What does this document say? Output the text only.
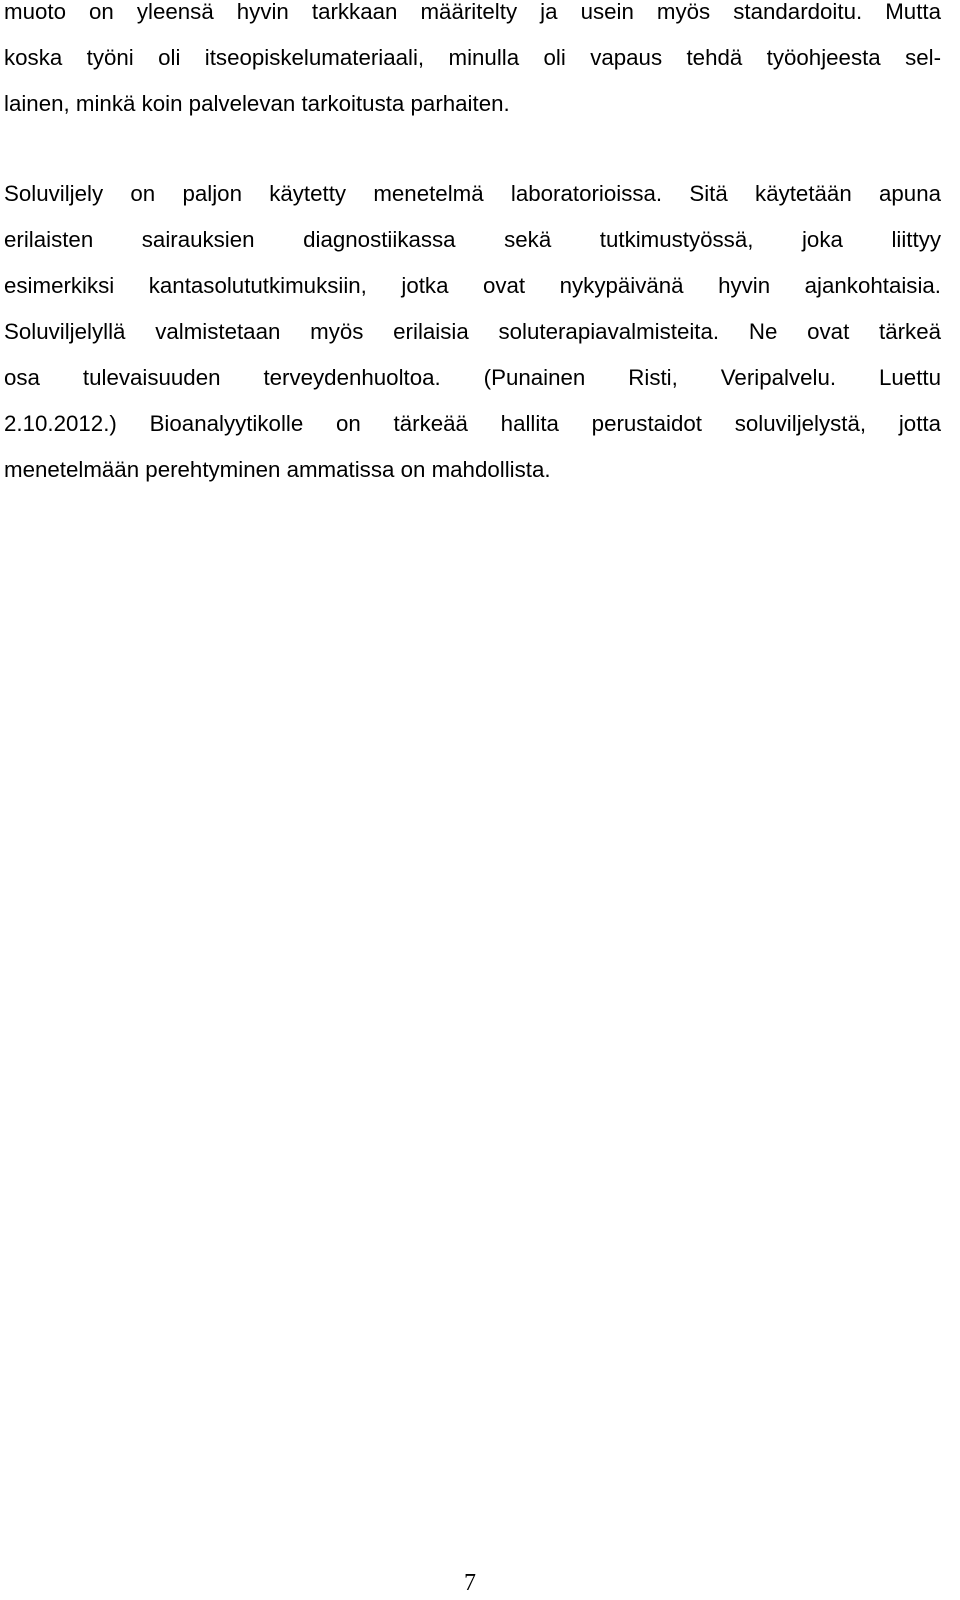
muoto on yleensä hyvin tarkkaan määritelty ja usein myös standardoitu. Mutta
koska työni oli itseopiskelumateriaali, minulla oli vapaus tehdä työohjeesta sel-
lainen, minkä koin palvelevan tarkoitusta parhaiten.
Soluviljely on paljon käytetty menetelmä laboratorioissa. Sitä käytetään apuna
erilaisten sairauksien diagnostiikassa sekä tutkimustyössä, joka liittyy
esimerkiksi kantasolututkimuksiin, jotka ovat nykypäivänä hyvin ajankohtaisia.
Soluviljelyllä valmistetaan myös erilaisia soluterapiavalmisteita. Ne ovat tärkeä
osa tulevaisuuden terveydenhuoltoa. (Punainen Risti, Veripalvelu. Luettu
2.10.2012.) Bioanalyytikolle on tärkeää hallita perustaidot soluviljelystä, jotta
menetelmään perehtyminen ammatissa on mahdollista.
7
